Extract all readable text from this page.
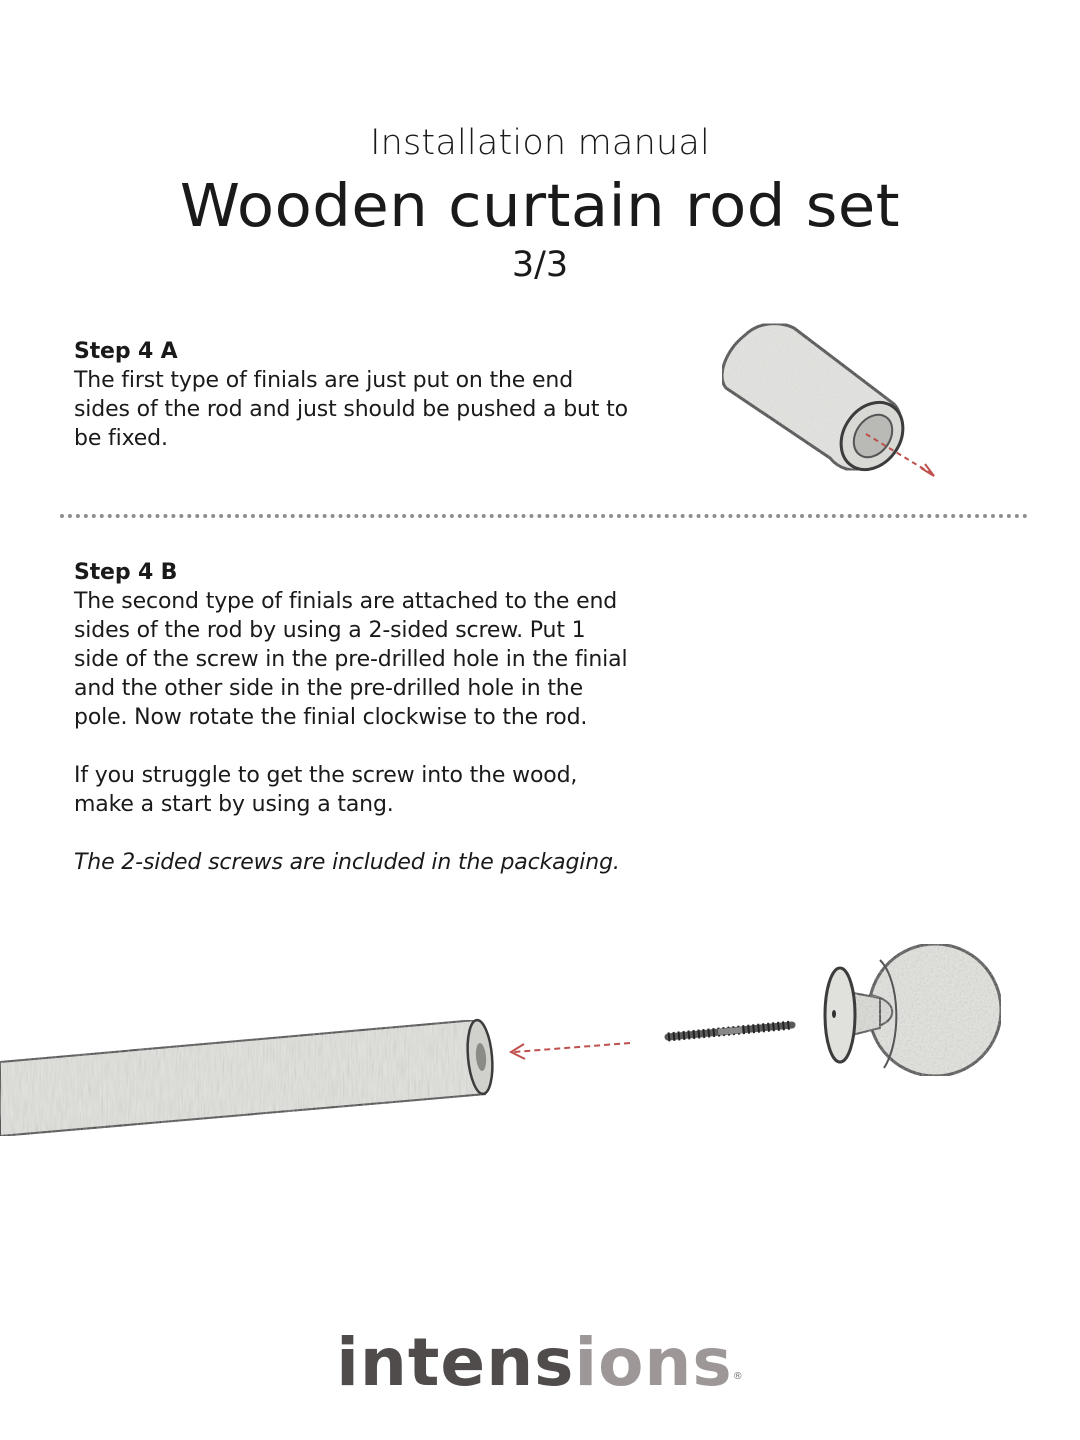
Installation manual
Wooden curtain rod set
3/3
Step 4 A

The first type of finials are just put on the end sides of the rod and just should be pushed a but to be fixed.

Step 4 B

The second type of finials are attached to the end sides of the rod by using a 2-sided screw. Put 1 side of the screw in the pre-drilled hole in the finial and the other side in the pre-drilled hole in the pole. Now rotate the finial clockwise to the rod.

If you struggle to get the screw into the wood, make a start by using a tang.

The 2-sided screws are included in the packaging.

intensions®
